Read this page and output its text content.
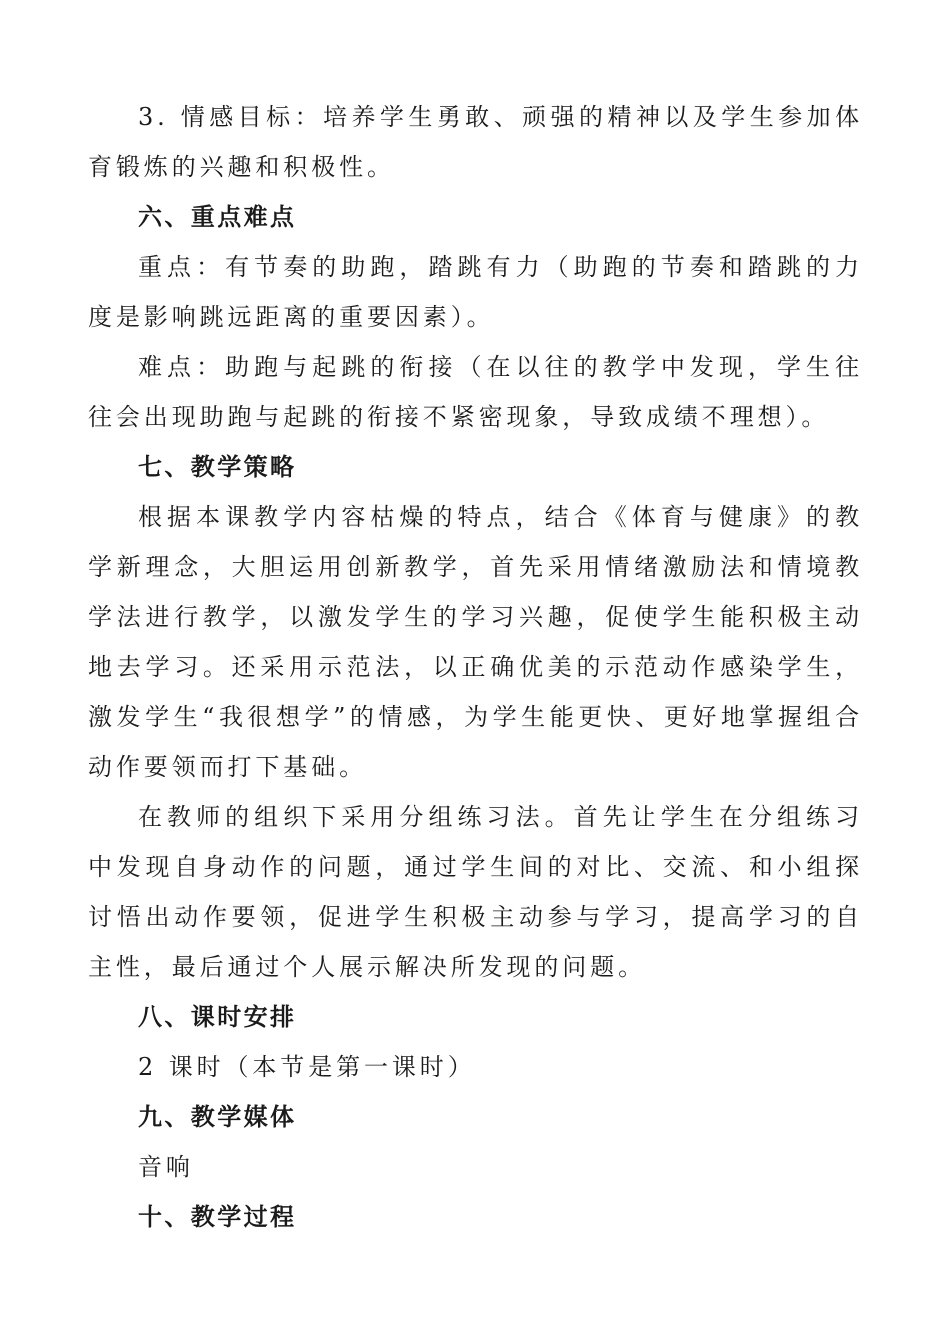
3. 情感目标：培养学生勇敢、顽强的精神以及学生参加体育锻炼的兴趣和积极性。

六、重点难点

重点：有节奏的助跑，踏跳有力（助跑的节奏和踏跳的力度是影响跳远距离的重要因素）。

难点：助跑与起跳的衔接（在以往的教学中发现，学生往往会出现助跑与起跳的衔接不紧密现象，导致成绩不理想）。

七、教学策略

根据本课教学内容枯燥的特点，结合《体育与健康》的教学新理念，大胆运用创新教学，首先采用情绪激励法和情境教学法进行教学，以激发学生的学习兴趣，促使学生能积极主动地去学习。还采用示范法，以正确优美的示范动作感染学生，激发学生“我很想学”的情感，为学生能更快、更好地掌握组合动作要领而打下基础。

在教师的组织下采用分组练习法。首先让学生在分组练习中发现自身动作的问题，通过学生间的对比、交流、和小组探讨悟出动作要领，促进学生积极主动参与学习，提高学习的自主性，最后通过个人展示解决所发现的问题。

八、课时安排

2 课时（本节是第一课时）

九、教学媒体

音响

十、教学过程
